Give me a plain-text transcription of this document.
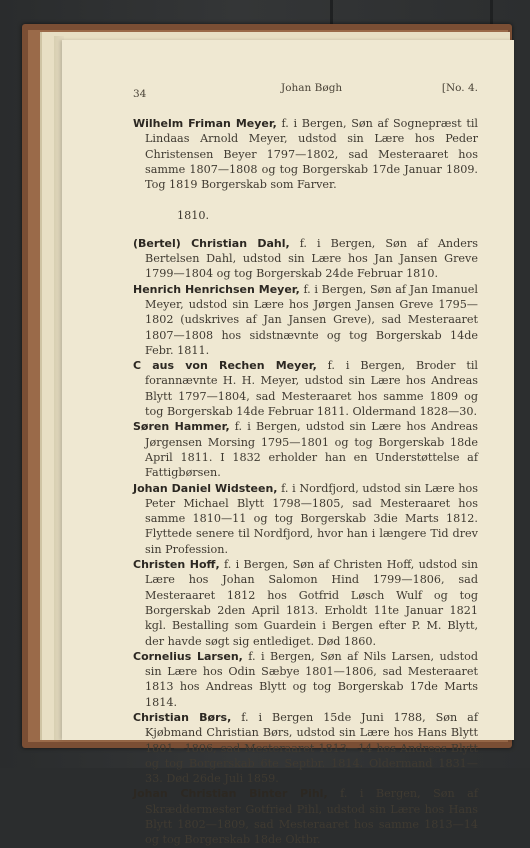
34	Johan Bøgh	[No. 4.

Wilhelm Friman Meyer, f. i Bergen, Søn af Sognepræst til Lindaas Arnold Meyer, udstod sin Lære hos Peder Christensen Beyer 1797—1802, sad Mesteraaret hos samme 1807—1808 og tog Borgerskab 17de Januar 1809. Tog 1819 Borgerskab som Farver.

1810.

(Bertel) Christian Dahl, f. i Bergen, Søn af Anders Bertelsen Dahl, udstod sin Lære hos Jan Jansen Greve 1799—1804 og tog Borgerskab 24de Februar 1810.

Henrich Henrichsen Meyer, f. i Bergen, Søn af Jan Imanuel Meyer, udstod sin Lære hos Jørgen Jansen Greve 1795—1802 (udskrives af Jan Jansen Greve), sad Mesteraaret 1807—1808 hos sidstnævnte og tog Borgerskab 14de Febr. 1811.

C aus von Rechen Meyer, f. i Bergen, Broder til forannævnte H. H. Meyer, udstod sin Lære hos Andreas Blytt 1797—1804, sad Mesteraaret hos samme 1809 og tog Borgerskab 14de Februar 1811. Oldermand 1828—30.

Søren Hammer, f. i Bergen, udstod sin Lære hos Andreas Jørgensen Morsing 1795—1801 og tog Borgerskab 18de April 1811. I 1832 erholder han en Understøttelse af Fattigbørsen.

Johan Daniel Widsteen, f. i Nordfjord, udstod sin Lære hos Peter Michael Blytt 1798—1805, sad Mesteraaret hos samme 1810—11 og tog Borgerskab 3die Marts 1812. Flyttede senere til Nordfjord, hvor han i længere Tid drev sin Profession.

Christen Hoff, f. i Bergen, Søn af Christen Hoff, udstod sin Lære hos Johan Salomon Hind 1799—1806, sad Mesteraaret 1812 hos Gotfrid Løsch Wulf og tog Borgerskab 2den April 1813. Erholdt 11te Januar 1821 kgl. Bestalling som Guardein i Bergen efter P. M. Blytt, der havde søgt sig entlediget. Død 1860.

Cornelius Larsen, f. i Bergen, Søn af Nils Larsen, udstod sin Lære hos Odin Sæbye 1801—1806, sad Mesteraaret 1813 hos Andreas Blytt og tog Borgerskab 17de Marts 1814.

Christian Børs, f. i Bergen 15de Juni 1788, Søn af Kjøbmand Christian Børs, udstod sin Lære hos Hans Blytt 1801—1806, sad Mesteraaret 1813—14 hos Andreas Blytt og tog Borgerskab 6te Septbr. 1814. Oldermand 1831—33. Død 26de Juli 1859.

Johan Christian Binter Pihl, f. i Bergen, Søn af Skræddermester Gotfried Pihl, udstod sin Lære hos Hans Blytt 1802—1809, sad Mesteraaret hos samme 1813—14 og tog Borgerskab 18de Oktbr.
